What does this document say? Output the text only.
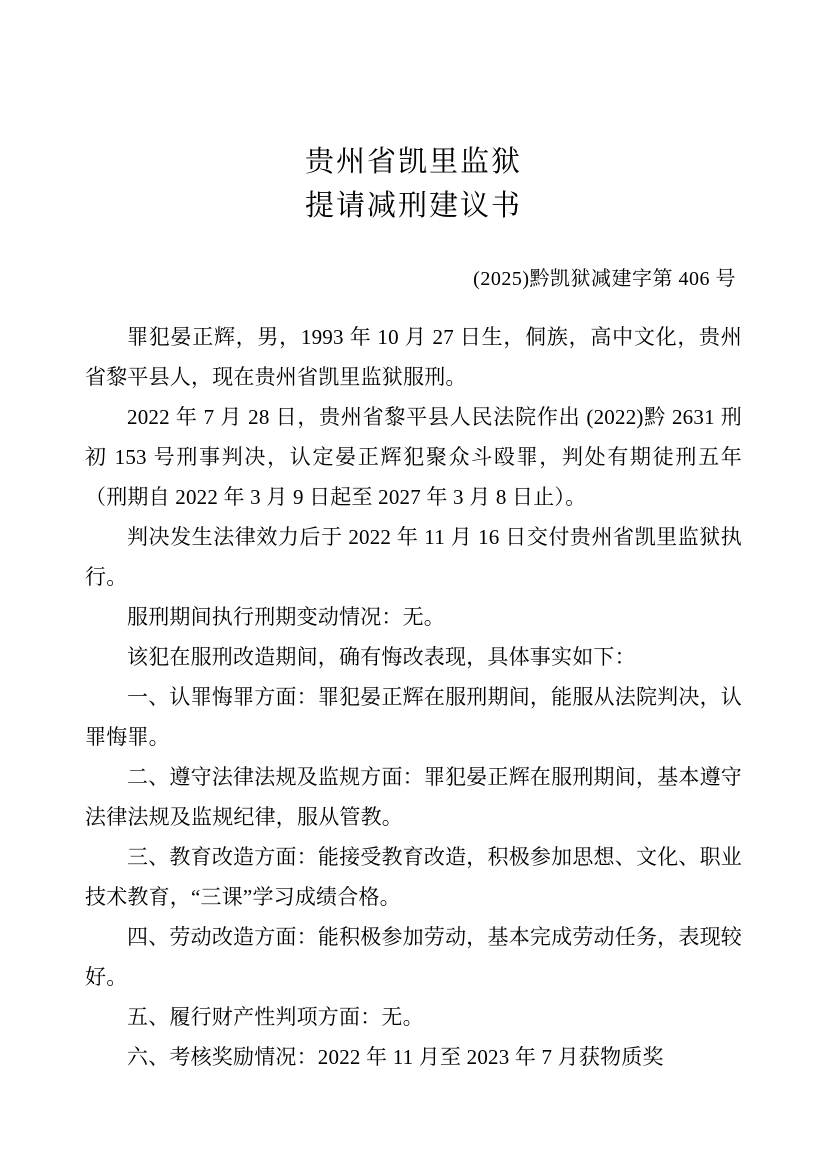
贵州省凯里监狱
提请减刑建议书
(2025)黔凯狱减建字第 406 号

罪犯晏正辉，男，1993 年 10 月 27 日生，侗族，高中文化，贵州省黎平县人，现在贵州省凯里监狱服刑。

2022 年 7 月 28 日，贵州省黎平县人民法院作出 (2022)黔 2631 刑初 153 号刑事判决，认定晏正辉犯聚众斗殴罪，判处有期徒刑五年（刑期自 2022 年 3 月 9 日起至 2027 年 3 月 8 日止）。

判决发生法律效力后于 2022 年 11 月 16 日交付贵州省凯里监狱执行。

服刑期间执行刑期变动情况：无。

该犯在服刑改造期间，确有悔改表现，具体事实如下：

一、认罪悔罪方面：罪犯晏正辉在服刑期间，能服从法院判决，认罪悔罪。

二、遵守法律法规及监规方面：罪犯晏正辉在服刑期间，基本遵守法律法规及监规纪律，服从管教。

三、教育改造方面：能接受教育改造，积极参加思想、文化、职业技术教育，“三课”学习成绩合格。

四、劳动改造方面：能积极参加劳动，基本完成劳动任务，表现较好。

五、履行财产性判项方面：无。

六、考核奖励情况：2022 年 11 月至 2023 年 7 月获物质奖
